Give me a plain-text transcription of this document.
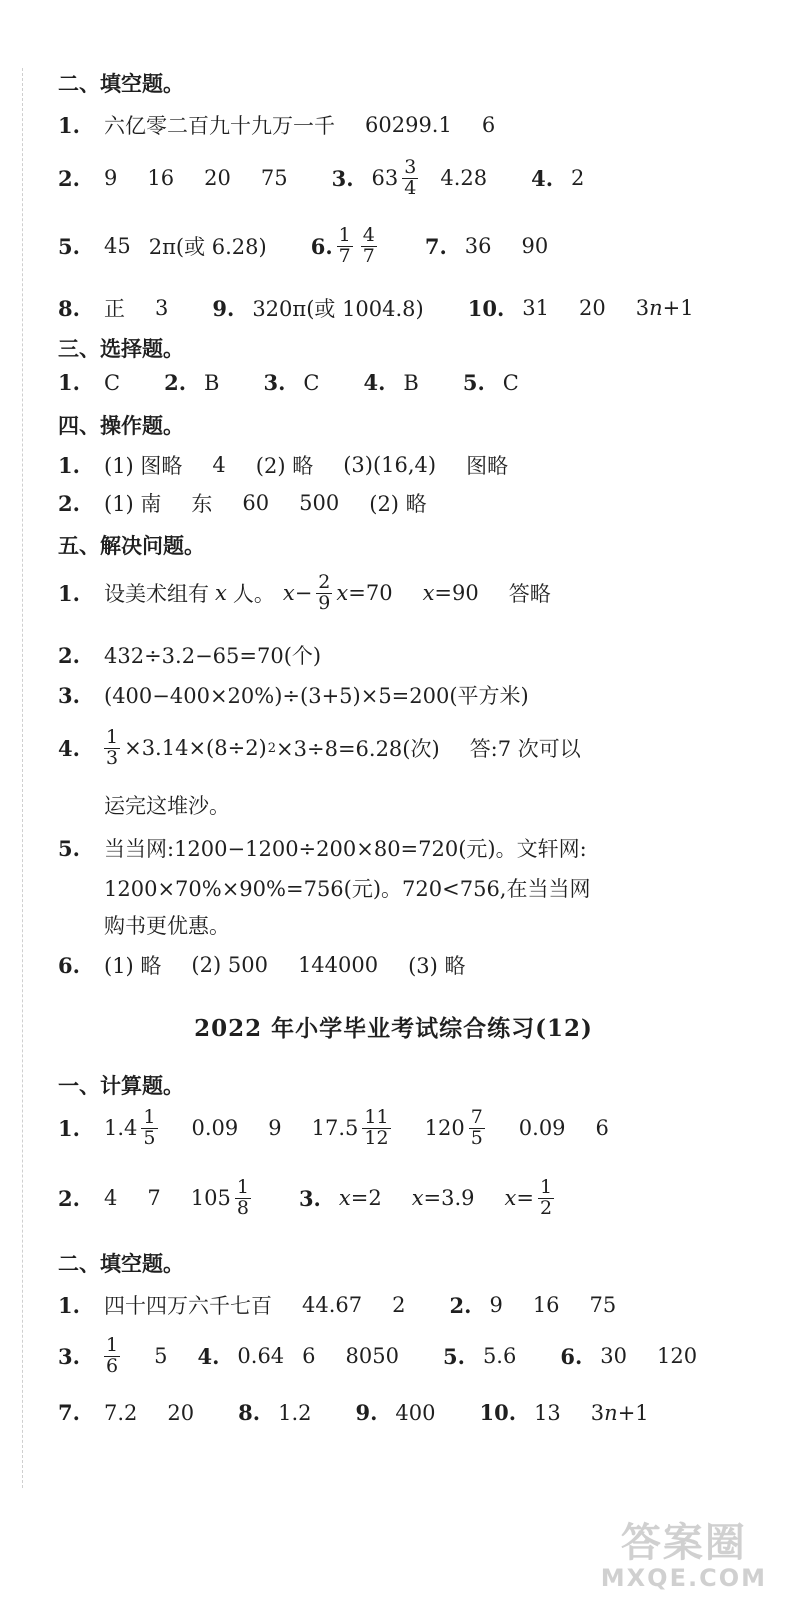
二、填空题。
1.	六亿零二百九十九万一千 60299.1 6
2.	9 16 20 75 3. $63 \frac{3}{4} 4.28$ 4. 2
5.	45 2π(或 6.28) 6. $\frac{1}{7} \frac{4}{7} 7$. 36 90
8.	正 3 9. 320π(或 1004.8) 10. 31 20 3n+1
三、选择题。
1.	C 2. B 3. C 4. B 5. C
四、操作题。
1.	(1) 图略 4 (2) 略 (3)(16,4) 图略
2.	(1) 南 东 60 500 (2) 略
五、解决问题。
1.	设美术组有 x 人。 $x - \frac{2}{9}$ x =70 x =90 答略
2.	432÷3.2−65=70(个)
3.	(400−400×20%)÷(3+5)×5=200(平方米)
4.	$\frac{1}{3} \times 3.14\times(8\div 2)$ 2 ×3÷8=6.28(次) 答:7 次可以
运完这堆沙。
5.	当当网:1200−1200÷200×80=720(元)。文轩网:
1200×70%×90%=756(元)。720<756,在当当网
购书更优惠。
6.	(1) 略 (2) 500 144000 (3) 略
2022 年小学毕业考试综合练习(12)
一、计算题。
1.	$1.4 \frac{1}{5} 0.09$ 9 $17.5 \frac{11}{12} 120 \frac{7}{5} 0.09$ 6
2.	4 7 $105 \frac{1}{8} 3$. x =2 x =3.9 $x = \frac{1}{2}$
二、填空题。
1.	四十四万六千七百 44.67 2 2. 9 16 75
3.	$\frac{1}{6} 5$ 4. 0.64 6 8050 5. 5.6 6. 30 120
7.	7.2 20 8. 1.2 9. 400 10. 13 3n+1
答案圈
MXQE.COM
